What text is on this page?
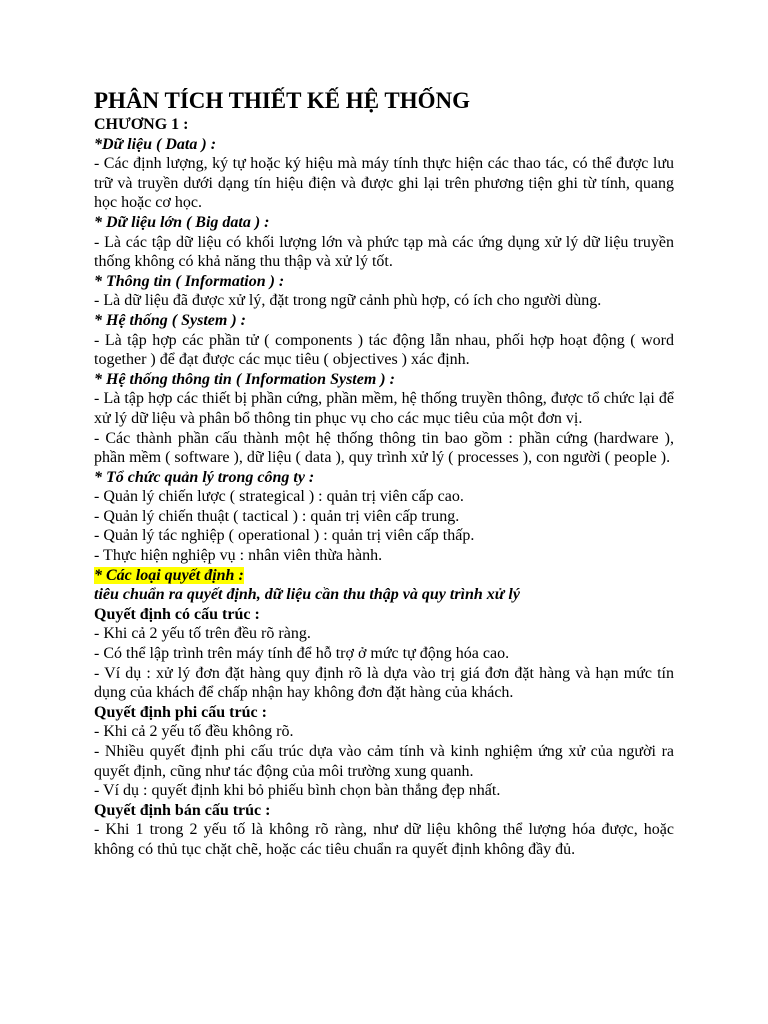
PHÂN TÍCH THIẾT KẾ HỆ THỐNG

CHƯƠNG 1 :

*Dữ liệu ( Data ) :

- Các định lượng, ký tự hoặc ký hiệu mà máy tính thực hiện các thao tác, có thể được lưu trữ và truyền dưới dạng tín hiệu điện và được ghi lại trên phương tiện ghi từ tính, quang học hoặc cơ học.

* Dữ liệu lớn ( Big data ) :

- Là các tập dữ liệu có khối lượng lớn và phức tạp mà các ứng dụng xử lý dữ liệu truyền thống không có khả năng thu thập và xử lý tốt.

* Thông tin ( Information ) :

- Là dữ liệu đã được xử lý, đặt trong ngữ cảnh phù hợp, có ích cho người dùng.

* Hệ thống ( System ) :

- Là tập hợp các phần tử ( components ) tác động lẫn nhau, phối hợp hoạt động ( word together ) để đạt được các mục tiêu ( objectives ) xác định.

* Hệ thống thông tin ( Information System ) :

- Là tập hợp các thiết bị phần cứng, phần mềm, hệ thống truyền thông, được tổ chức lại để xử lý dữ liệu và phân bổ thông tin phục vụ cho các mục tiêu của một đơn vị.

- Các thành phần cấu thành một hệ thống thông tin bao gồm : phần cứng (hardware ), phần mềm ( software ), dữ liệu ( data ), quy trình xử lý ( processes ), con người ( people ).

* Tổ chức quản lý trong công ty :

- Quản lý chiến lược ( strategical ) : quản trị viên cấp cao.

- Quản lý chiến thuật ( tactical ) : quản trị viên cấp trung.

- Quản lý tác nghiệp ( operational ) : quản trị viên cấp thấp.

- Thực hiện nghiệp vụ : nhân viên thừa hành.

* Các loại quyết định :

tiêu chuẩn ra quyết định, dữ liệu cần thu thập và quy trình xử lý

Quyết định có cấu trúc :

- Khi cả 2 yếu tố trên đều rõ ràng.

- Có thể lập trình trên máy tính để hỗ trợ ở mức tự động hóa cao.

- Ví dụ : xử lý đơn đặt hàng quy định rõ là dựa vào trị giá đơn đặt hàng và hạn mức tín dụng của khách để chấp nhận hay không đơn đặt hàng của khách.

Quyết định phi cấu trúc :

- Khi cả 2 yếu tố đều không rõ.

- Nhiều quyết định phi cấu trúc dựa vào cảm tính và kinh nghiệm ứng xử của người ra quyết định, cũng như tác động của môi trường xung quanh.

- Ví dụ : quyết định khi bỏ phiếu bình chọn bàn thắng đẹp nhất.

Quyết định bán cấu trúc :

- Khi 1 trong 2 yếu tố là không rõ ràng, như dữ liệu không thể lượng hóa được, hoặc không có thủ tục chặt chẽ, hoặc các tiêu chuẩn ra quyết định không đầy đủ.
